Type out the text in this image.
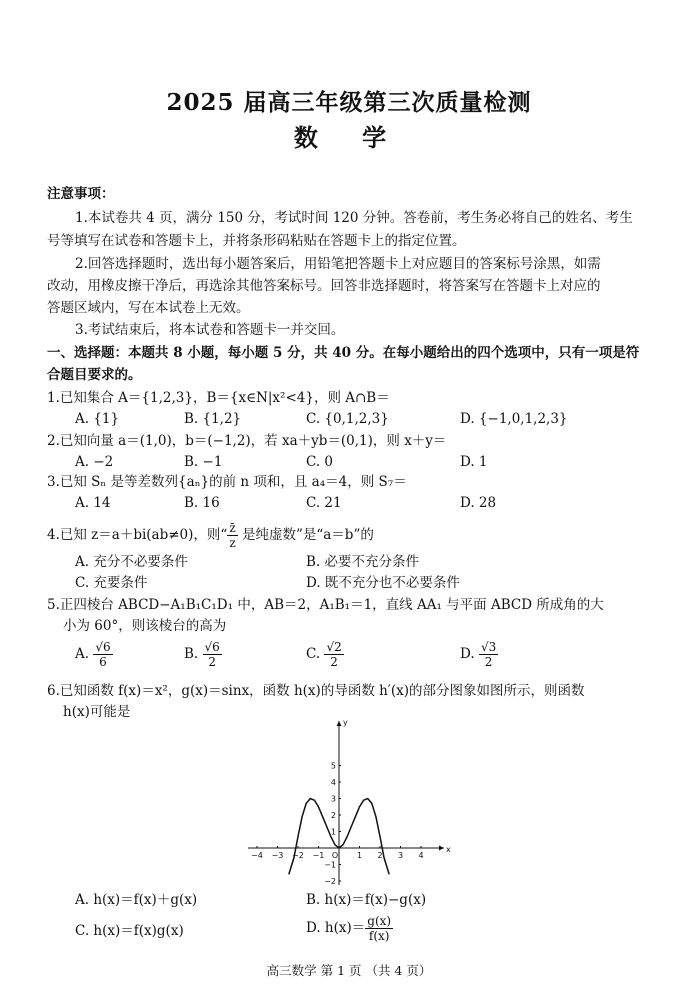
2025 届高三年级第三次质量检测
数 学
注意事项：
1.本试卷共 4 页，满分 150 分，考试时间 120 分钟。答卷前，考生务必将自己的姓名、考生
号等填写在试卷和答题卡上，并将条形码粘贴在答题卡上的指定位置。
2.回答选择题时，选出每小题答案后，用铅笔把答题卡上对应题目的答案标号涂黑，如需
改动，用橡皮擦干净后，再选涂其他答案标号。回答非选择题时，将答案写在答题卡上对应的
答题区域内，写在本试卷上无效。
3.考试结束后，将本试卷和答题卡一并交回。
一、选择题：本题共 8 小题，每小题 5 分，共 40 分。在每小题给出的四个选项中，只有一项是符
合题目要求的。
1.已知集合 A＝{1,2,3}，B＝{x∈N|x²<4}，则 A∩B＝
A. {1}	B. {1,2}	C. {0,1,2,3}	D. {−1,0,1,2,3}
2.已知向量 a＝(1,0)，b＝(−1,2)，若 xa＋yb＝(0,1)，则 x＋y＝
A. −2	B. −1	C. 0	D. 1
3.已知 Sₙ 是等差数列{aₙ}的前 n 项和，且 a₄＝4，则 S₇＝
A. 14	B. 16	C. 21	D. 28
4.已知 z＝a＋bi(ab≠0)，则“ $\frac{z̄}{z}$ 是纯虚数”是“a＝b”的
A. 充分不必要条件	B. 必要不充分条件
C. 充要条件	D. 既不充分也不必要条件
5.正四棱台 ABCD−A₁B₁C₁D₁ 中，AB＝2，A₁B₁＝1，直线 AA₁ 与平面 ABCD 所成角的大
小为 60°，则该棱台的高为
A. $\frac{√6}{6}$	B. $\frac{√6}{2}$	C. $\frac{√2}{2}$	D. $\frac{√3}{2}$
6.已知函数 f(x)＝x²，g(x)＝sinx，函数 h(x)的导函数 h′(x)的部分图象如图所示，则函数
h(x)可能是
x
y
−4 −3 −2 −1 O 1 2 3 4
5
4
3
2
1
−1
−2
A. h(x)＝f(x)＋g(x)	B. h(x)＝f(x)−g(x)
C. h(x)＝f(x)g(x)	D. $h(x)= \frac{g(x)}{f(x)}$
高三数学 第 1 页 （共 4 页）
